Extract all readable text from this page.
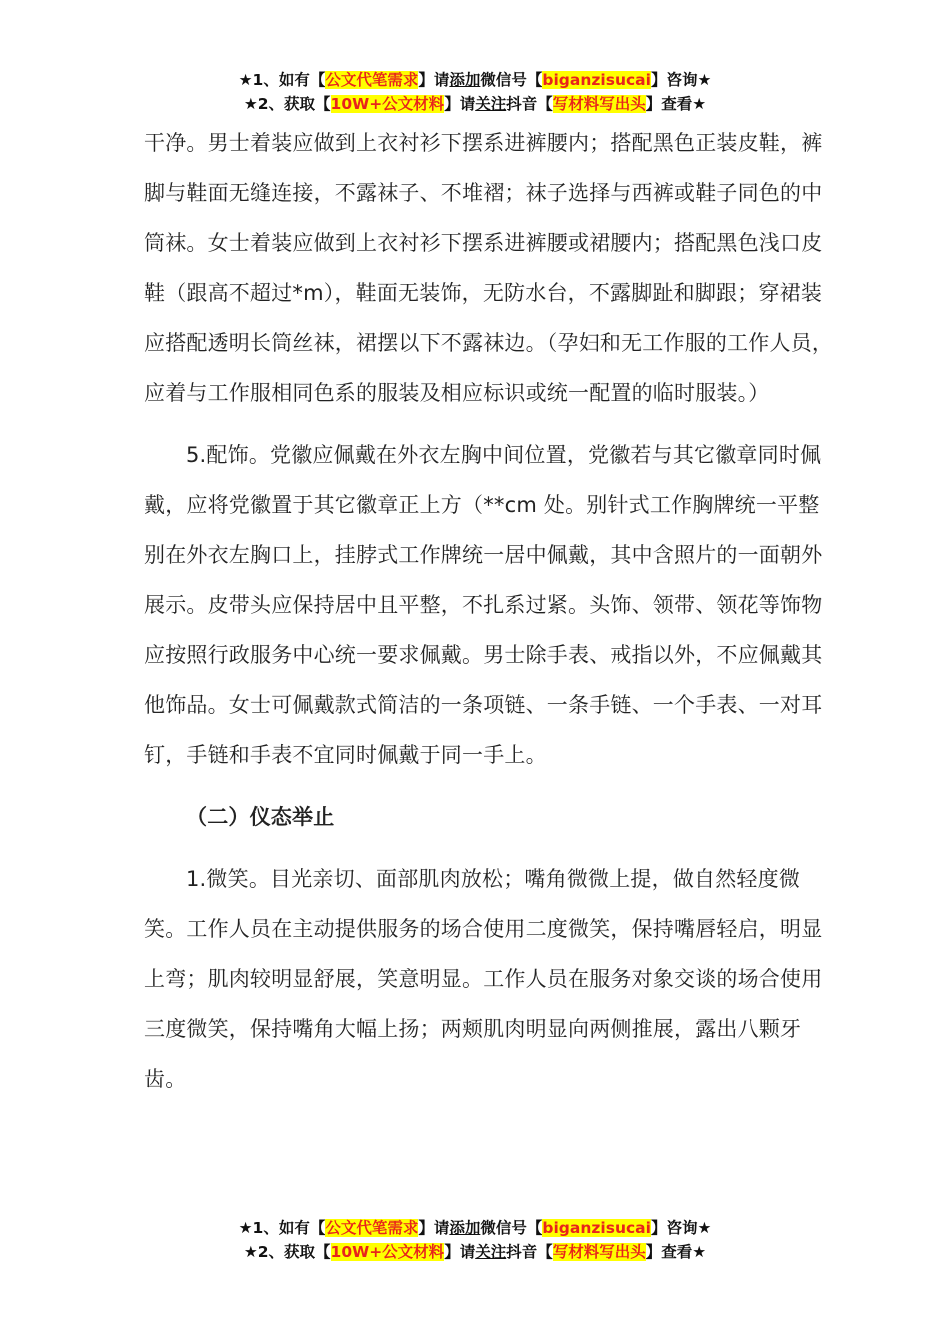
★1、如有【公文代笔需求】请添加微信号【biganzisucai】咨询★
★2、获取【10W+公文材料】请关注抖音【写材料写出头】查看★

干净。男士着装应做到上衣衬衫下摆系进裤腰内；搭配黑色正装皮鞋，裤脚与鞋面无缝连接，不露袜子、不堆褶；袜子选择与西裤或鞋子同色的中筒袜。女士着装应做到上衣衬衫下摆系进裤腰或裙腰内；搭配黑色浅口皮鞋（跟高不超过*m），鞋面无装饰，无防水台，不露脚趾和脚跟；穿裙装应搭配透明长筒丝袜，裙摆以下不露袜边。（孕妇和无工作服的工作人员，应着与工作服相同色系的服装及相应标识或统一配置的临时服装。）

5.配饰。党徽应佩戴在外衣左胸中间位置，党徽若与其它徽章同时佩戴，应将党徽置于其它徽章正上方（**cm 处。别针式工作胸牌统一平整别在外衣左胸口上，挂脖式工作牌统一居中佩戴，其中含照片的一面朝外展示。皮带头应保持居中且平整，不扎系过紧。头饰、领带、领花等饰物应按照行政服务中心统一要求佩戴。男士除手表、戒指以外，不应佩戴其他饰品。女士可佩戴款式简洁的一条项链、一条手链、一个手表、一对耳钉，手链和手表不宜同时佩戴于同一手上。

（二）仪态举止

1.微笑。目光亲切、面部肌肉放松；嘴角微微上提，做自然轻度微笑。工作人员在主动提供服务的场合使用二度微笑，保持嘴唇轻启，明显上弯；肌肉较明显舒展，笑意明显。工作人员在服务对象交谈的场合使用三度微笑，保持嘴角大幅上扬；两颊肌肉明显向两侧推展，露出八颗牙齿。

★1、如有【公文代笔需求】请添加微信号【biganzisucai】咨询★
★2、获取【10W+公文材料】请关注抖音【写材料写出头】查看★
